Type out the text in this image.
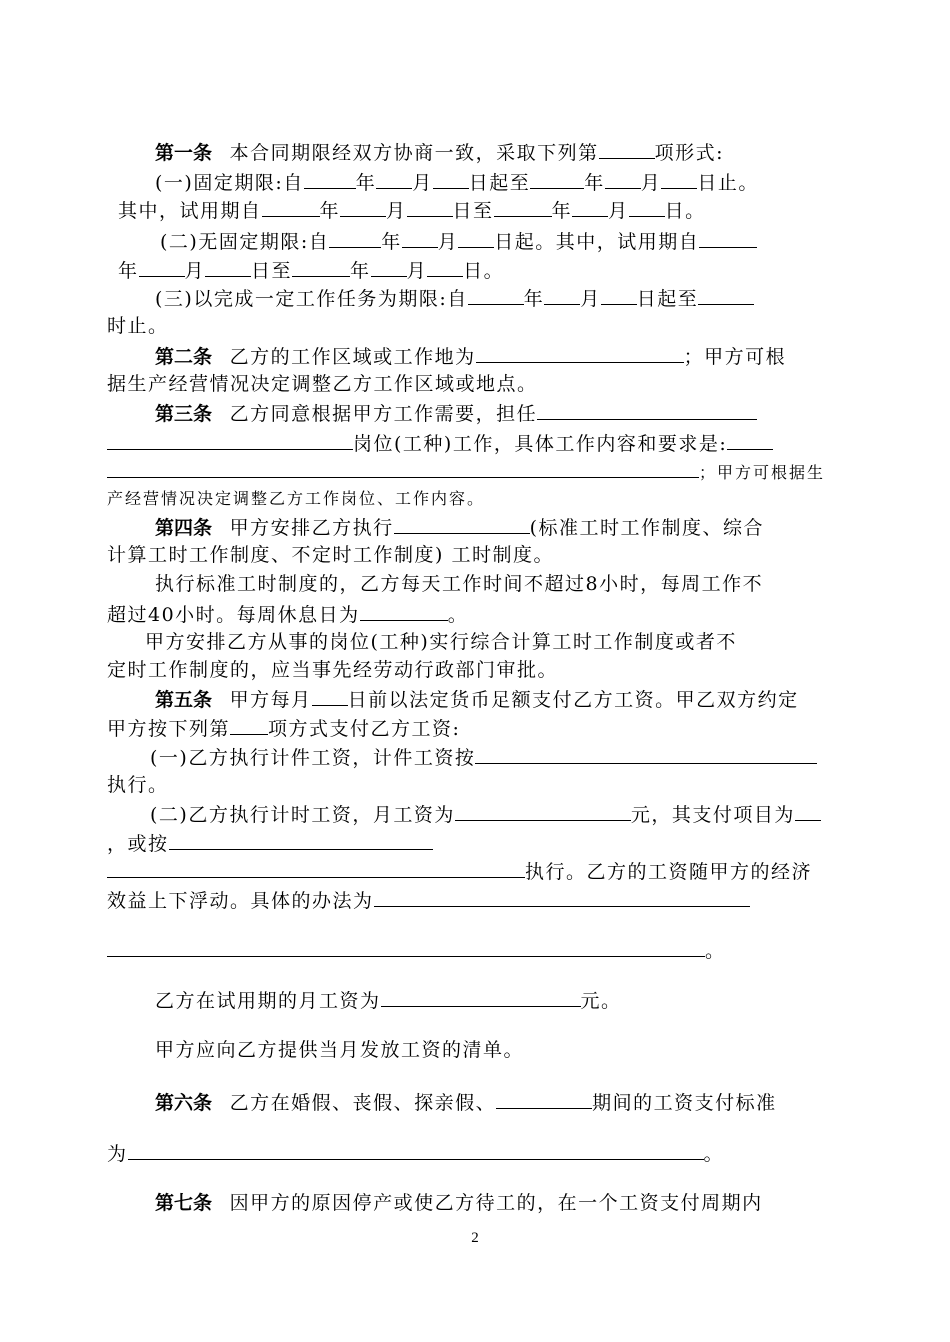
第一条 本合同期限经双方协商一致，采取下列第	项形式:
(一)固定期限:自	年 月 日起至	年 月 日止。
其中，试用期自	年 月 日至	年 月 日。
(二)无固定期限:自	年 月 日起。其中，试用期自
年 月 日至	年 月 日。
(三)以完成一定工作任务为期限:自	年 月 日起至
时止。
第二条 乙方的工作区域或工作地为	；甲方可根
据生产经营情况决定调整乙方工作区域或地点。
第三条 乙方同意根据甲方工作需要，担任
岗位(工种)工作，具体工作内容和要求是:
；甲方可根据生
产经营情况决定调整乙方工作岗位、工作内容。
第四条 甲方安排乙方执行	(标准工时工作制度、综合
计算工时工作制度、不定时工作制度) 工时制度。
执行标准工时制度的，乙方每天工作时间不超过8小时，每周工作不
超过40小时。每周休息日为	。
甲方安排乙方从事的岗位(工种)实行综合计算工时工作制度或者不
定时工作制度的，应当事先经劳动行政部门审批。
第五条 甲方每月 日前以法定货币足额支付乙方工资。甲乙双方约定
甲方按下列第 项方式支付乙方工资:
(一)乙方执行计件工资，计件工资按
执行。
(二)乙方执行计时工资，月工资为	元，其支付项目为
，或按
执行。乙方的工资随甲方的经济
效益上下浮动。具体的办法为
。
乙方在试用期的月工资为	元。
甲方应向乙方提供当月发放工资的清单。
第六条 乙方在婚假、丧假、探亲假、	期间的工资支付标准
为	。
第七条 因甲方的原因停产或使乙方待工的，在一个工资支付周期内
2
